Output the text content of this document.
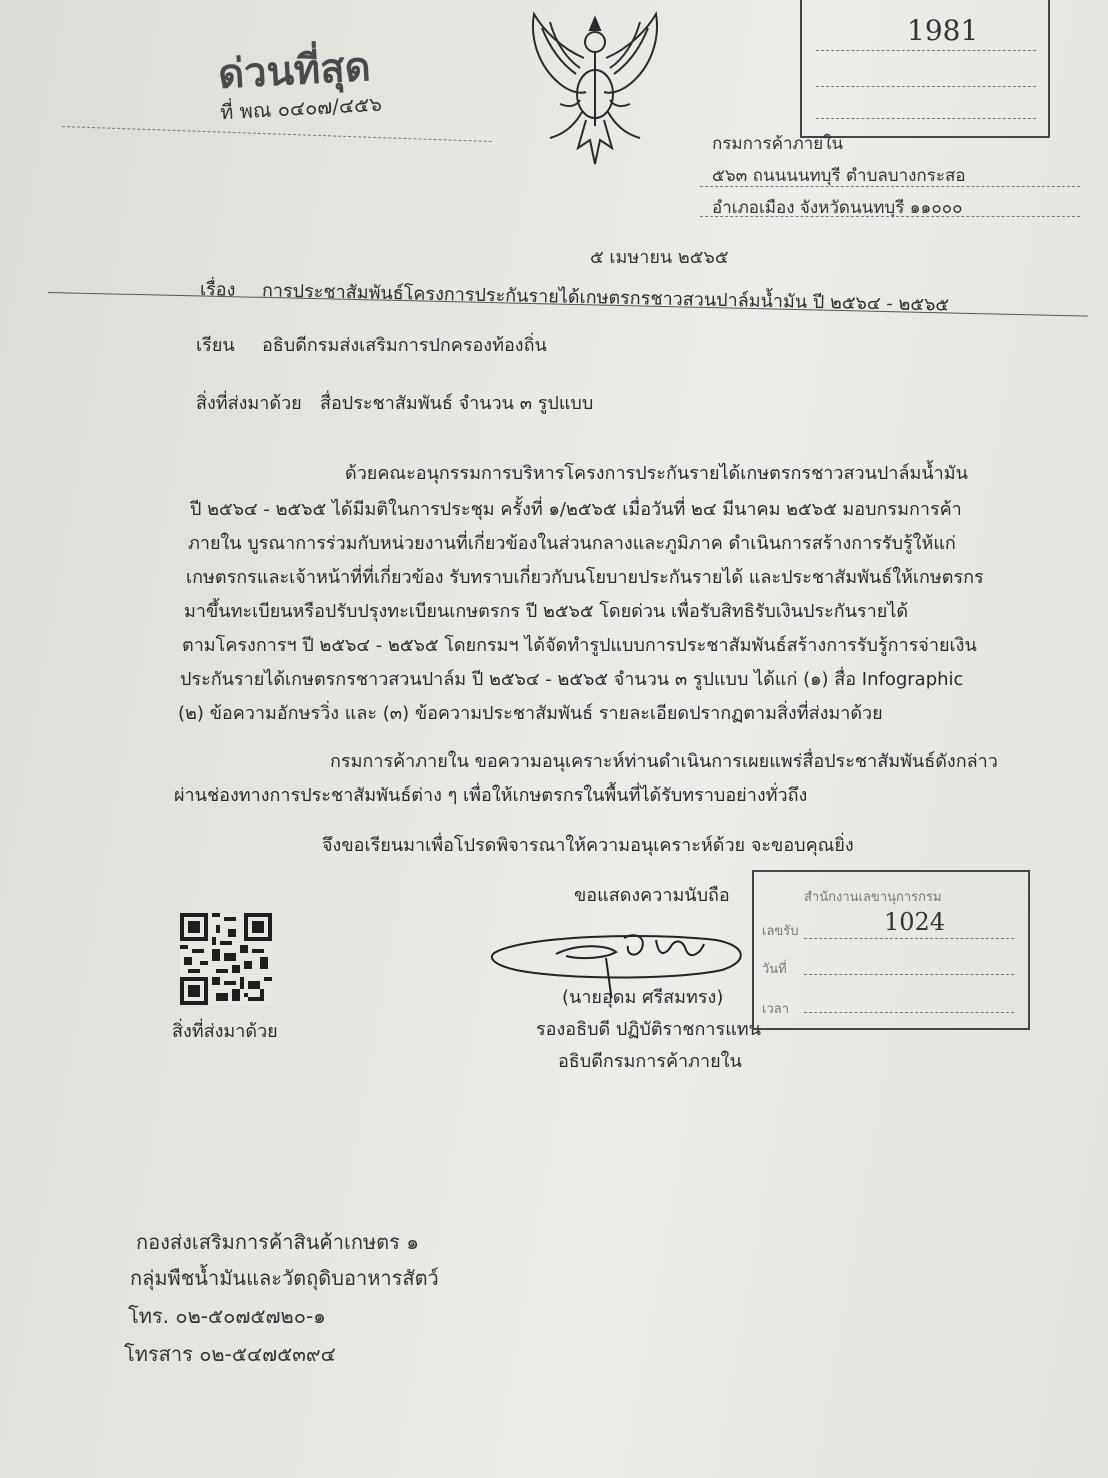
ด่วนที่สุด
ที่ พณ ๐๔๐๗/๔๕๖
1981
กรมการค้าภายใน
๕๖๓ ถนนนนทบุรี ตำบลบางกระสอ
อำเภอเมือง จังหวัดนนทบุรี ๑๑๐๐๐
๕ เมษายน ๒๕๖๕
เรื่อง การประชาสัมพันธ์โครงการประกันรายได้เกษตรกรชาวสวนปาล์มน้ำมัน ปี ๒๕๖๔ - ๒๕๖๕
เรียน อธิบดีกรมส่งเสริมการปกครองท้องถิ่น
สิ่งที่ส่งมาด้วย สื่อประชาสัมพันธ์ จำนวน ๓ รูปแบบ
ด้วยคณะอนุกรรมการบริหารโครงการประกันรายได้เกษตรกรชาวสวนปาล์มน้ำมัน
ปี ๒๕๖๔ - ๒๕๖๕ ได้มีมติในการประชุม ครั้งที่ ๑/๒๕๖๕ เมื่อวันที่ ๒๔ มีนาคม ๒๕๖๕ มอบกรมการค้า
ภายใน บูรณาการร่วมกับหน่วยงานที่เกี่ยวข้องในส่วนกลางและภูมิภาค ดำเนินการสร้างการรับรู้ให้แก่
เกษตรกรและเจ้าหน้าที่ที่เกี่ยวข้อง รับทราบเกี่ยวกับนโยบายประกันรายได้ และประชาสัมพันธ์ให้เกษตรกร
มาขึ้นทะเบียนหรือปรับปรุงทะเบียนเกษตรกร ปี ๒๕๖๕ โดยด่วน เพื่อรับสิทธิรับเงินประกันรายได้
ตามโครงการฯ ปี ๒๕๖๔ - ๒๕๖๕ โดยกรมฯ ได้จัดทำรูปแบบการประชาสัมพันธ์สร้างการรับรู้การจ่ายเงิน
ประกันรายได้เกษตรกรชาวสวนปาล์ม ปี ๒๕๖๔ - ๒๕๖๕ จำนวน ๓ รูปแบบ ได้แก่ (๑) สื่อ Infographic
(๒) ข้อความอักษรวิ่ง และ (๓) ข้อความประชาสัมพันธ์ รายละเอียดปรากฏตามสิ่งที่ส่งมาด้วย
กรมการค้าภายใน ขอความอนุเคราะห์ท่านดำเนินการเผยแพร่สื่อประชาสัมพันธ์ดังกล่าว
ผ่านช่องทางการประชาสัมพันธ์ต่าง ๆ เพื่อให้เกษตรกรในพื้นที่ได้รับทราบอย่างทั่วถึง
จึงขอเรียนมาเพื่อโปรดพิจารณาให้ความอนุเคราะห์ด้วย จะขอบคุณยิ่ง
ขอแสดงความนับถือ
(นายอุดม ศรีสมทรง)
รองอธิบดี ปฏิบัติราชการแทน
อธิบดีกรมการค้าภายใน
สำนักงานเลขานุการกรม
เลขรับ	1024
วันที่
เวลา
สิ่งที่ส่งมาด้วย
กองส่งเสริมการค้าสินค้าเกษตร ๑
กลุ่มพืชน้ำมันและวัตถุดิบอาหารสัตว์
โทร. ๐๒-๕๐๗๕๗๒๐-๑
โทรสาร ๐๒-๕๔๗๕๓๙๔
